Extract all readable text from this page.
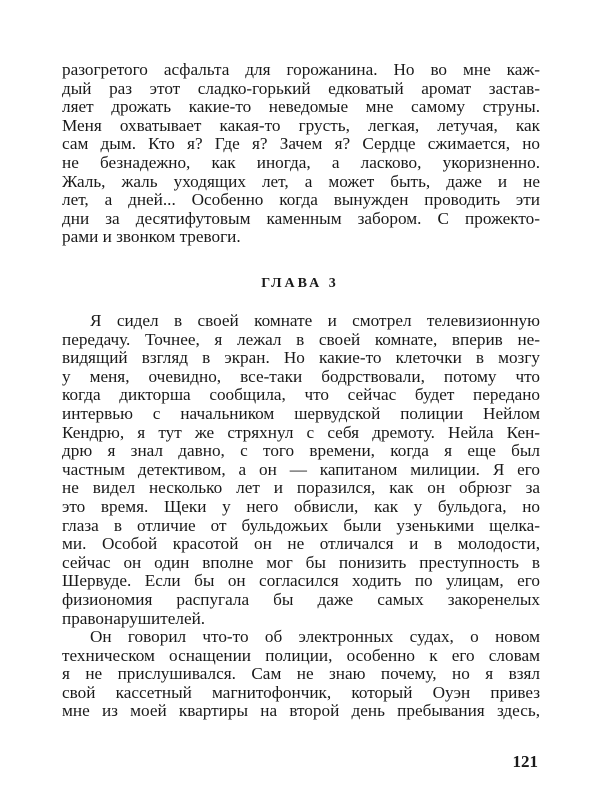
разогретого асфальта для горожанина. Но во мне каж-
дый раз этот сладко-горький едковатый аромат застав-
ляет дрожать какие-то неведомые мне самому струны.
Меня охватывает какая-то грусть, легкая, летучая, как
сам дым. Кто я? Где я? Зачем я? Сердце сжимается, но
не безнадежно, как иногда, а ласково, укоризненно.
Жаль, жаль уходящих лет, а может быть, даже и не
лет, а дней... Особенно когда вынужден проводить эти
дни за десятифутовым каменным забором. С прожекто-
рами и звонком тревоги.
ГЛАВА 3
Я сидел в своей комнате и смотрел телевизионную
передачу. Точнее, я лежал в своей комнате, вперив не-
видящий взгляд в экран. Но какие-то клеточки в мозгу
у меня, очевидно, все-таки бодрствовали, потому что
когда дикторша сообщила, что сейчас будет передано
интервью с начальником шервудской полиции Нейлом
Кендрю, я тут же стряхнул с себя дремоту. Нейла Кен-
дрю я знал давно, с того времени, когда я еще был
частным детективом, а он — капитаном милиции. Я его
не видел несколько лет и поразился, как он обрюзг за
это время. Щеки у него обвисли, как у бульдога, но
глаза в отличие от бульдожьих были узенькими щелка-
ми. Особой красотой он не отличался и в молодости,
сейчас он один вполне мог бы понизить преступность в
Шервуде. Если бы он согласился ходить по улицам, его
физиономия распугала бы даже самых закоренелых
правонарушителей.
Он говорил что-то об электронных судах, о новом
техническом оснащении полиции, особенно к его словам
я не прислушивался. Сам не знаю почему, но я взял
свой кассетный магнитофончик, который Оуэн привез
мне из моей квартиры на второй день пребывания здесь,
121
